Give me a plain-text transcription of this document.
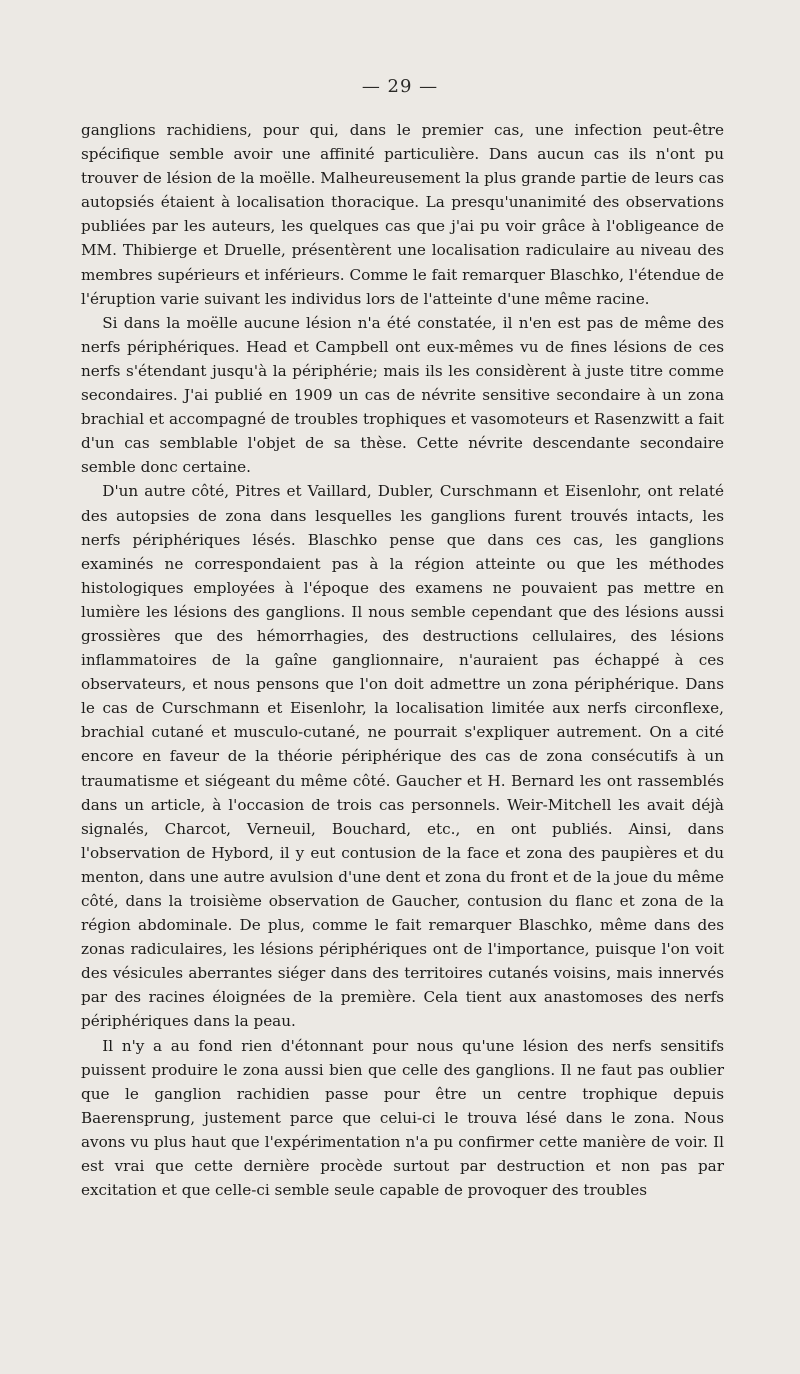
— 29 —

ganglions rachidiens, pour qui, dans le premier cas, une infection peut-être spécifique semble avoir une affinité particulière. Dans aucun cas ils n'ont pu trouver de lésion de la moëlle. Malheureusement la plus grande partie de leurs cas autopsiés étaient à localisation thoracique. La presqu'unanimité des observations publiées par les auteurs, les quelques cas que j'ai pu voir grâce à l'obligeance de MM. Thibierge et Druelle, présentèrent une localisation radiculaire au niveau des membres supérieurs et inférieurs. Comme le fait remarquer Blaschko, l'étendue de l'éruption varie suivant les individus lors de l'atteinte d'une même racine.

Si dans la moëlle aucune lésion n'a été constatée, il n'en est pas de même des nerfs périphériques. Head et Campbell ont eux-mêmes vu de fines lésions de ces nerfs s'étendant jusqu'à la périphérie; mais ils les considèrent à juste titre comme secondaires. J'ai publié en 1909 un cas de névrite sensitive secondaire à un zona brachial et accompagné de troubles trophiques et vasomoteurs et Rasenzwitt a fait d'un cas semblable l'objet de sa thèse. Cette névrite descendante secondaire semble donc certaine.

D'un autre côté, Pitres et Vaillard, Dubler, Curschmann et Eisenlohr, ont relaté des autopsies de zona dans lesquelles les ganglions furent trouvés intacts, les nerfs périphériques lésés. Blaschko pense que dans ces cas, les ganglions examinés ne correspondaient pas à la région atteinte ou que les méthodes histologiques employées à l'époque des examens ne pouvaient pas mettre en lumière les lésions des ganglions. Il nous semble cependant que des lésions aussi grossières que des hémorrhagies, des destructions cellulaires, des lésions inflammatoires de la gaîne ganglionnaire, n'auraient pas échappé à ces observateurs, et nous pensons que l'on doit admettre un zona périphérique. Dans le cas de Curschmann et Eisenlohr, la localisation limitée aux nerfs circonflexe, brachial cutané et musculo-cutané, ne pourrait s'expliquer autrement. On a cité encore en faveur de la théorie périphérique des cas de zona consécutifs à un traumatisme et siégeant du même côté. Gaucher et H. Bernard les ont rassemblés dans un article, à l'occasion de trois cas personnels. Weir-Mitchell les avait déjà signalés, Charcot, Verneuil, Bouchard, etc., en ont publiés. Ainsi, dans l'observation de Hybord, il y eut contusion de la face et zona des paupières et du menton, dans une autre avulsion d'une dent et zona du front et de la joue du même côté, dans la troisième observation de Gaucher, contusion du flanc et zona de la région abdominale. De plus, comme le fait remarquer Blaschko, même dans des zonas radiculaires, les lésions périphériques ont de l'importance, puisque l'on voit des vésicules aberrantes siéger dans des territoires cutanés voisins, mais innervés par des racines éloignées de la première. Cela tient aux anastomoses des nerfs périphériques dans la peau.

Il n'y a au fond rien d'étonnant pour nous qu'une lésion des nerfs sensitifs puissent produire le zona aussi bien que celle des ganglions. Il ne faut pas oublier que le ganglion rachidien passe pour être un centre trophique depuis Baerensprung, justement parce que celui-ci le trouva lésé dans le zona. Nous avons vu plus haut que l'expérimentation n'a pu confirmer cette manière de voir. Il est vrai que cette dernière procède surtout par destruction et non pas par excitation et que celle-ci semble seule capable de provoquer des troubles
